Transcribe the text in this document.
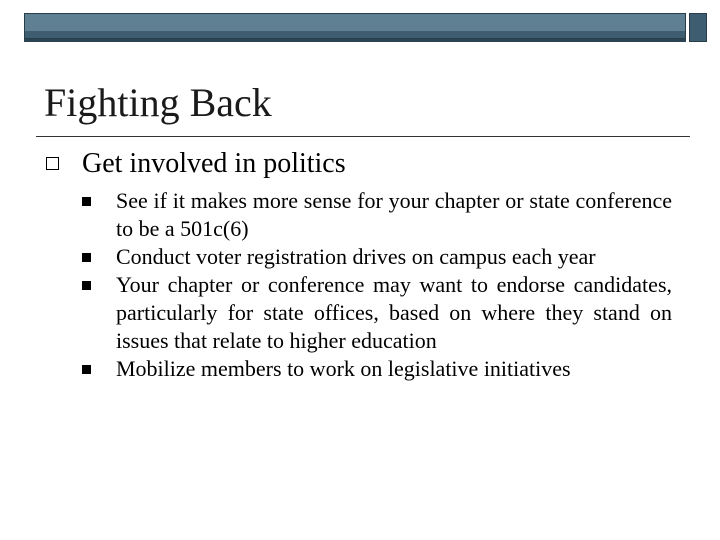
Fighting Back
Get involved in politics
See if it makes more sense for your chapter or state conference to be a 501c(6)
Conduct voter registration drives on campus each year
Your chapter or conference may want to endorse candidates, particularly for state offices, based on where they stand on issues that relate to higher education
Mobilize members to work on legislative initiatives
